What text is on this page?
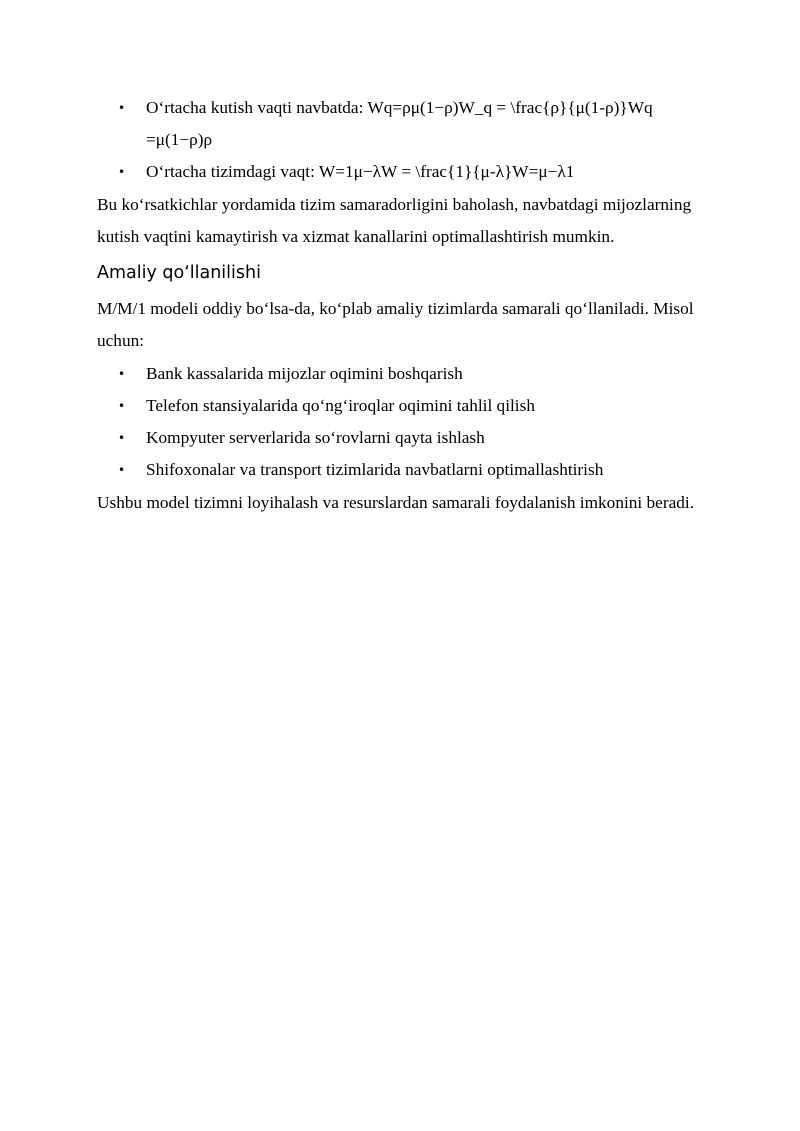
• O‘rtacha kutish vaqti navbatda: Wq=ρμ(1−ρ)W_q = \frac{ρ}{μ(1-ρ)}Wq
=μ(1−ρ)ρ
• O‘rtacha tizimdagi vaqt: W=1μ−λW = \frac{1}{μ-λ}W=μ−λ1
Bu ko‘rsatkichlar yordamida tizim samaradorligini baholash, navbatdagi mijozlarning
kutish vaqtini kamaytirish va xizmat kanallarini optimallashtirish mumkin.
Amaliy qo‘llanilishi
M/M/1 modeli oddiy bo‘lsa-da, ko‘plab amaliy tizimlarda samarali qo‘llaniladi. Misol
uchun:
• Bank kassalarida mijozlar oqimini boshqarish
• Telefon stansiyalarida qo‘ng‘iroqlar oqimini tahlil qilish
• Kompyuter serverlarida so‘rovlarni qayta ishlash
• Shifoxonalar va transport tizimlarida navbatlarni optimallashtirish
Ushbu model tizimni loyihalash va resurslardan samarali foydalanish imkonini beradi.
